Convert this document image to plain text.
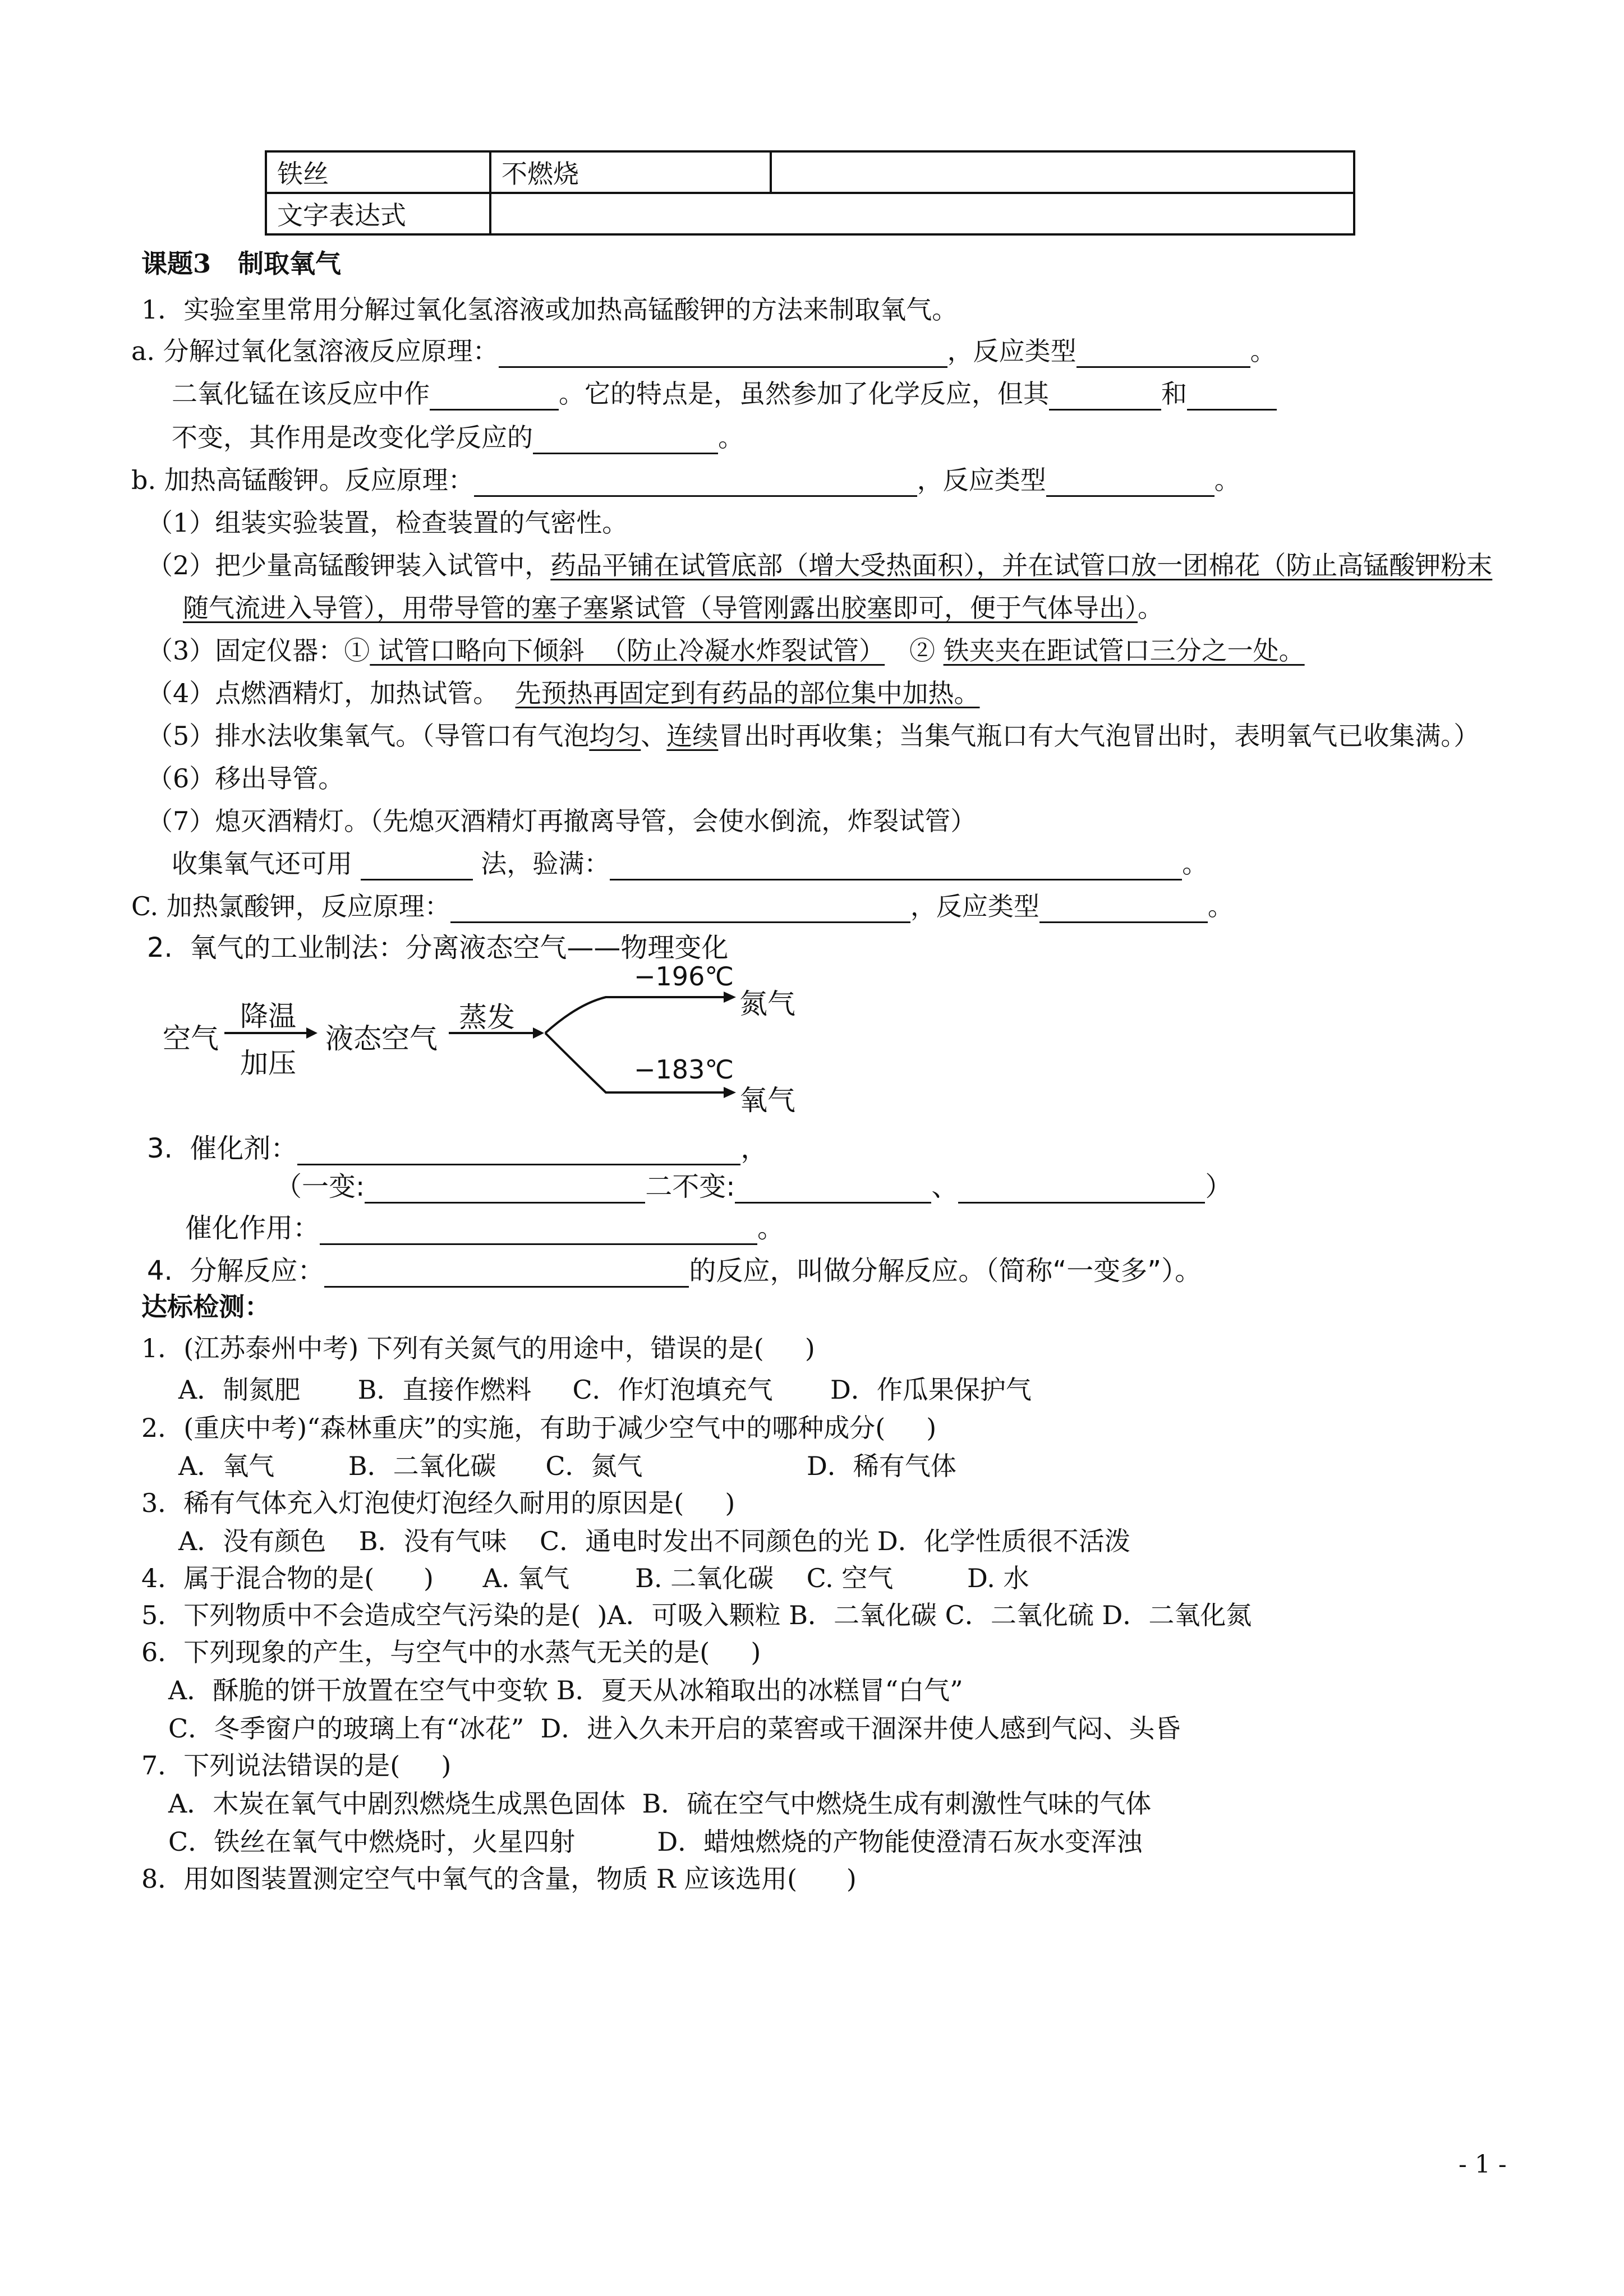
铁丝	不燃烧	
文字表达式		
课题3   制取氧气
1．实验室里常用分解过氧化氢溶液或加热高锰酸钾的方法来制取氧气。
a. 分解过氧化氢溶液反应原理：	，反应类型	。
二氧化锰在该反应中作	。它的特点是，虽然参加了化学反应，但其	和
不变，其作用是改变化学反应的	。
b. 加热高锰酸钾。反应原理：	，反应类型	。
（1）组装实验装置，检查装置的气密性。
（2）把少量高锰酸钾装入试管中，药品平铺在试管底部（增大受热面积），并在试管口放一团棉花（防止高锰酸钾粉末
随气流进入导管），用带导管的塞子塞紧试管（导管刚露出胶塞即可，便于气体导出）。
（3）固定仪器：① 试管口略向下倾斜  （防止冷凝水炸裂试管）   ② 铁夹夹在距试管口三分之一处。
（4）点燃酒精灯，加热试管。  先预热再固定到有药品的部位集中加热。
（5）排水法收集氧气。（导管口有气泡均匀、连续冒出时再收集；当集气瓶口有大气泡冒出时，表明氧气已收集满。）
（6）移出导管。
（7）熄灭酒精灯。（先熄灭酒精灯再撤离导管，会使水倒流，炸裂试管）
收集氧气还可用	法，验满：	。
C. 加热氯酸钾，反应原理：	，反应类型	。
2.  氧气的工业制法：分离液态空气——物理变化
空气
降温
加压
液态空气
蒸发
−196℃
氮气
−183℃
氧气
3.  催化剂：	，
（一变:	二不变:	、	）
催化作用：	。
4.  分解反应：	的反应，叫做分解反应。（简称“一变多”）。
达标检测：
1．(江苏泰州中考) 下列有关氮气的用途中，错误的是(     )
A．制氮肥       B．直接作燃料     C．作灯泡填充气       D．作瓜果保护气
2．(重庆中考)“森林重庆”的实施，有助于减少空气中的哪种成分(     )
A．氧气         B．二氧化碳      C．氮气                    D．稀有气体
3．稀有气体充入灯泡使灯泡经久耐用的原因是(     )
A．没有颜色    B．没有气味    C．通电时发出不同颜色的光 D．化学性质很不活泼
4．属于混合物的是(      )      A. 氧气        B. 二氧化碳    C. 空气         D. 水
5．下列物质中不会造成空气污染的是(  )A．可吸入颗粒 B．二氧化碳 C．二氧化硫 D．二氧化氮
6．下列现象的产生，与空气中的水蒸气无关的是(     )
A．酥脆的饼干放置在空气中变软 B．夏天从冰箱取出的冰糕冒“白气”
C．冬季窗户的玻璃上有“冰花”  D．进入久未开启的菜窖或干涸深井使人感到气闷、头昏
7．下列说法错误的是(     )
A．木炭在氧气中剧烈燃烧生成黑色固体  B．硫在空气中燃烧生成有刺激性气味的气体
C．铁丝在氧气中燃烧时，火星四射          D．蜡烛燃烧的产物能使澄清石灰水变浑浊
8．用如图装置测定空气中氧气的含量，物质 R 应该选用(      )
- 1 -
